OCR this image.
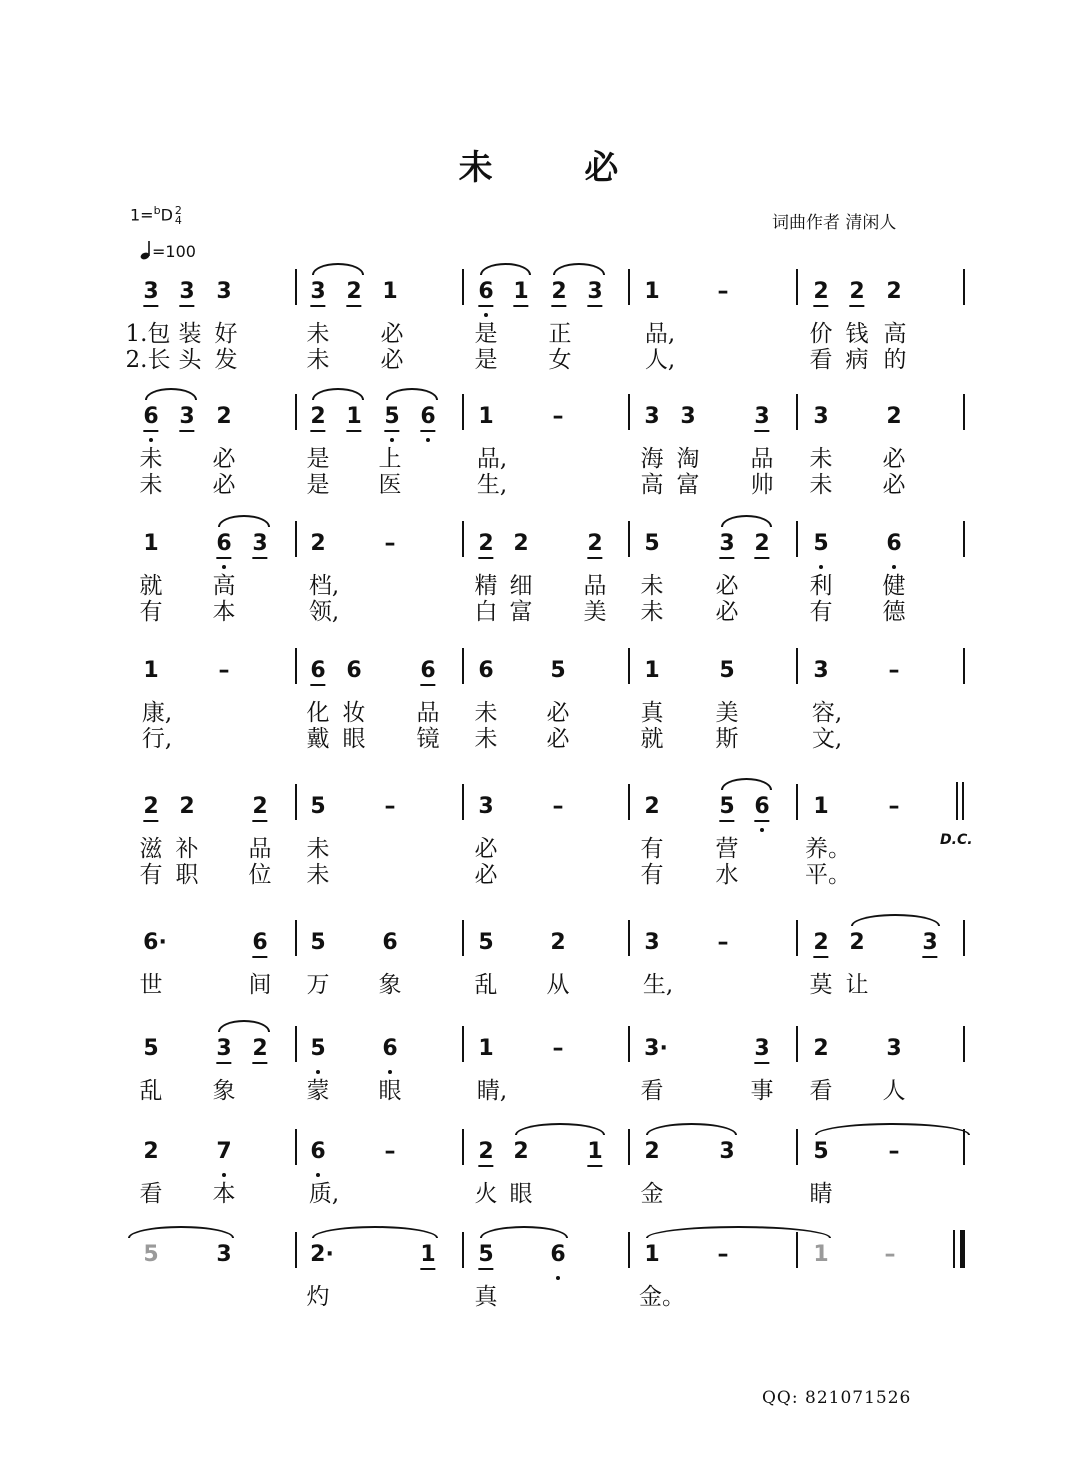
未 必
1=$^b$D 2
4
=100
词曲作者 清闲人
D.C.
QQ: 821071526
3 3 3	3 2 1	6 1 2 3 1	–	2 2 2
1.包 装 好	未 必	是 正	品,	价 钱 高
2.长 头 发	未 必	是 女	人,	看 病 的
6 3 2	2 1 5 6 1	–	3 3	3 3	2
未 必	是 上	品,	海 淘 品 未 必
未 必	是 医	生,	高 富 帅 未 必
1	6 3 2	–	2 2	2 5	3 2 5	6
就 高	档,	精 细 品 未 必	利 健
有 本	领,	白 富 美 未 必	有 德
1	–	6 6	6 6	5	1	5	3	–
康,	化 妆 品 未 必	真 美	容,
行,	戴 眼 镜 未 必	就 斯	文,
2 2	2 5	–	3	–	2	5 6 1	–
滋 补 品 未	必	有 营	养。
有 职 位 未	必	有 水	平。
6·	6 5	6	5	2	3	–	2 2	3
世	间 万 象	乱 从	生,	莫 让
5	3 2 5	6	1	–	3·	3 2	3
乱 象	蒙 眼	睛,	看	事 看 人
2	7	6	–	2 2	1 2	3	5	–
看 本	质,	火 眼	金	睛
5	3	2·	1 5	6	1	–	1	–
灼	真	金。
